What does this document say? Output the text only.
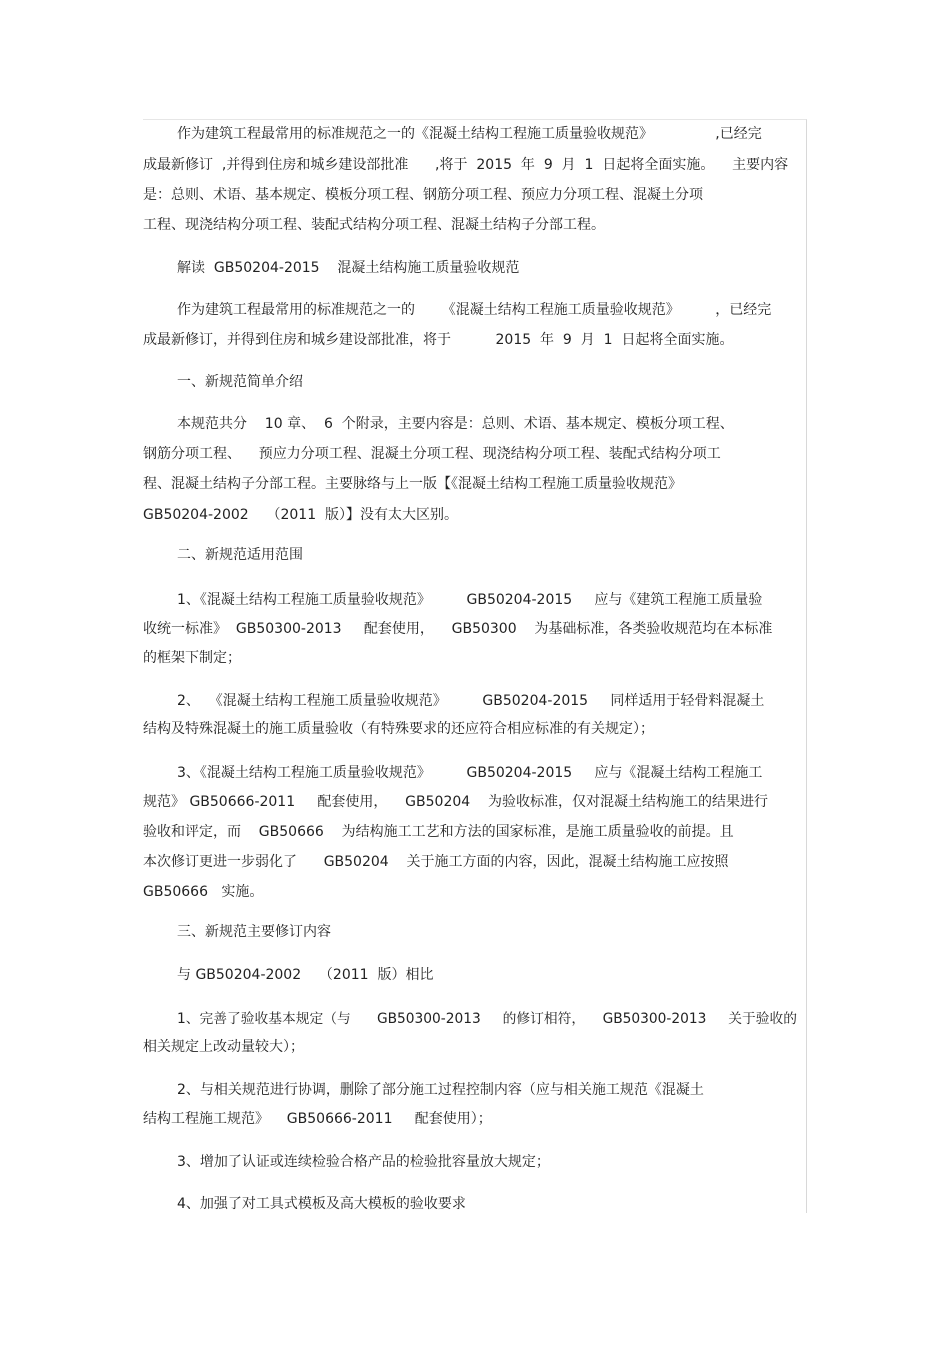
作为建筑工程最常用的标准规范之一的《混凝土结构工程施工质量验收规范》              ,已经完
成最新修订  ,并得到住房和城乡建设部批准      ,将于  2015  年  9  月  1  日起将全面实施。    主要内容
是：总则、术语、基本规定、模板分项工程、钢筋分项工程、预应力分项工程、混凝土分项
工程、现浇结构分项工程、装配式结构分项工程、混凝土结构子分部工程。
解读  GB50204-2015    混凝土结构施工质量验收规范
作为建筑工程最常用的标准规范之一的      《混凝土结构工程施工质量验收规范》        ，已经完
成最新修订，并得到住房和城乡建设部批准，将于          2015  年  9  月  1  日起将全面实施。
一、新规范简单介绍
本规范共分    10 章、  6  个附录，主要内容是：总则、术语、基本规定、模板分项工程、
钢筋分项工程、    预应力分项工程、混凝土分项工程、现浇结构分项工程、装配式结构分项工
程、混凝土结构子分部工程。主要脉络与上一版【《混凝土结构工程施工质量验收规范》
GB50204-2002    （2011  版）】没有太大区别。
二、新规范适用范围
1、《混凝土结构工程施工质量验收规范》        GB50204-2015     应与《建筑工程施工质量验
收统一标准》  GB50300-2013     配套使用，    GB50300    为基础标准，各类验收规范均在本标准
的框架下制定；
2、  《混凝土结构工程施工质量验收规范》        GB50204-2015     同样适用于轻骨料混凝土
结构及特殊混凝土的施工质量验收（有特殊要求的还应符合相应标准的有关规定）；
3、《混凝土结构工程施工质量验收规范》        GB50204-2015     应与《混凝土结构工程施工
规范》 GB50666-2011     配套使用，    GB50204    为验收标准，仅对混凝土结构施工的结果进行
验收和评定，而    GB50666    为结构施工工艺和方法的国家标准，是施工质量验收的前提。且
本次修订更进一步弱化了      GB50204    关于施工方面的内容，因此，混凝土结构施工应按照
GB50666   实施。
三、新规范主要修订内容
与 GB50204-2002    （2011  版）相比
1、完善了验收基本规定（与      GB50300-2013     的修订相符，    GB50300-2013     关于验收的
相关规定上改动量较大）；
2、与相关规范进行协调，删除了部分施工过程控制内容（应与相关施工规范《混凝土
结构工程施工规范》    GB50666-2011     配套使用）；
3、增加了认证或连续检验合格产品的检验批容量放大规定；
4、加强了对工具式模板及高大模板的验收要求
